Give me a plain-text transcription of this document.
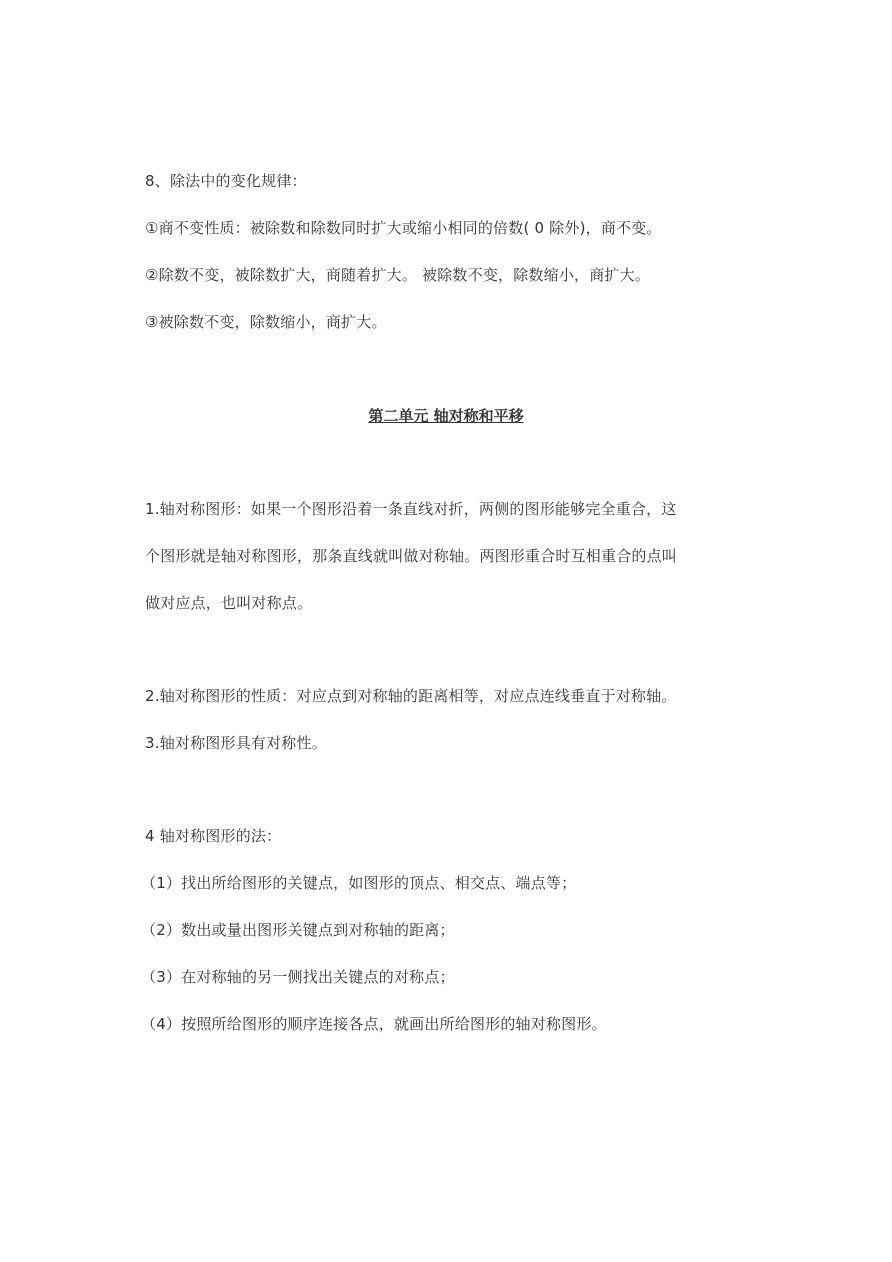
8、除法中的变化规律：
①商不变性质：被除数和除数同时扩大或缩小相同的倍数( 0 除外)，商不变。
②除数不变，被除数扩大，商随着扩大。 被除数不变，除数缩小，商扩大。
③被除数不变，除数缩小，商扩大。
第二单元 轴对称和平移
1.轴对称图形：如果一个图形沿着一条直线对折，两侧的图形能够完全重合，这
个图形就是轴对称图形，那条直线就叫做对称轴。两图形重合时互相重合的点叫
做对应点，也叫对称点。
2.轴对称图形的性质：对应点到对称轴的距离相等，对应点连线垂直于对称轴。
3.轴对称图形具有对称性。
4 轴对称图形的法：
（1）找出所给图形的关键点，如图形的顶点、相交点、端点等；
（2）数出或量出图形关键点到对称轴的距离；
（3）在对称轴的另一侧找出关键点的对称点；
（4）按照所给图形的顺序连接各点，就画出所给图形的轴对称图形。
